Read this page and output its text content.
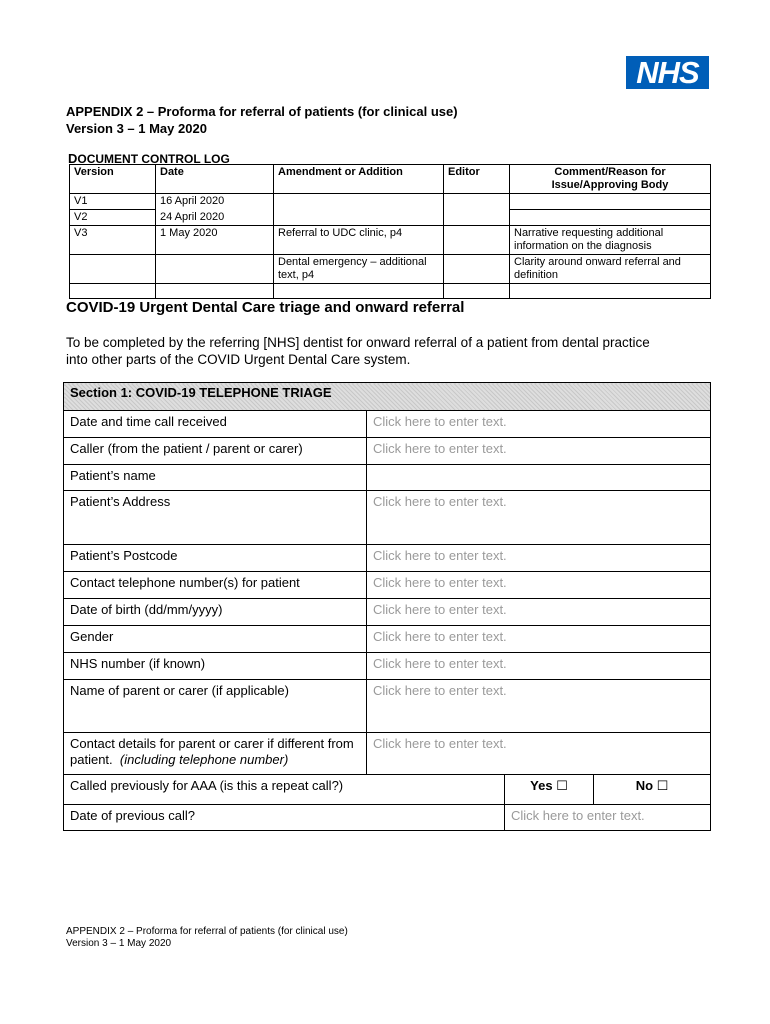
NHS
APPENDIX 2 – Proforma for referral of patients (for clinical use)
Version 3 – 1 May 2020
DOCUMENT CONTROL LOG
Version	Date	Amendment or Addition	Editor	Comment/Reason for Issue/Approving Body
V1	16 April 2020			
V2	24 April 2020			
V3	1 May 2020	Referral to UDC clinic, p4		Narrative requesting additional information on the diagnosis
		Dental emergency – additional text, p4		Clarity around onward referral and definition

COVID-19 Urgent Dental Care triage and onward referral
To be completed by the referring [NHS] dentist for onward referral of a patient from dental practice into other parts of the COVID Urgent Dental Care system.
Section 1: COVID-19 TELEPHONE TRIAGE			
Date and time call received	Click here to enter text.		
Caller (from the patient / parent or carer)	Click here to enter text.		
Patient’s name			
Patient’s Address	Click here to enter text.		
Patient’s Postcode	Click here to enter text.		
Contact telephone number(s) for patient	Click here to enter text.		
Date of birth (dd/mm/yyyy)	Click here to enter text.		
Gender	Click here to enter text.		
NHS number (if known)	Click here to enter text.		
Name of parent or carer (if applicable)	Click here to enter text.		
Contact details for parent or carer if different from patient. (including telephone number)	Click here to enter text.		
Called previously for AAA (is this a repeat call?)		Yes ☐	No ☐
Date of previous call?		Click here to enter text.	
APPENDIX 2 – Proforma for referral of patients (for clinical use)
Version 3 – 1 May 2020
